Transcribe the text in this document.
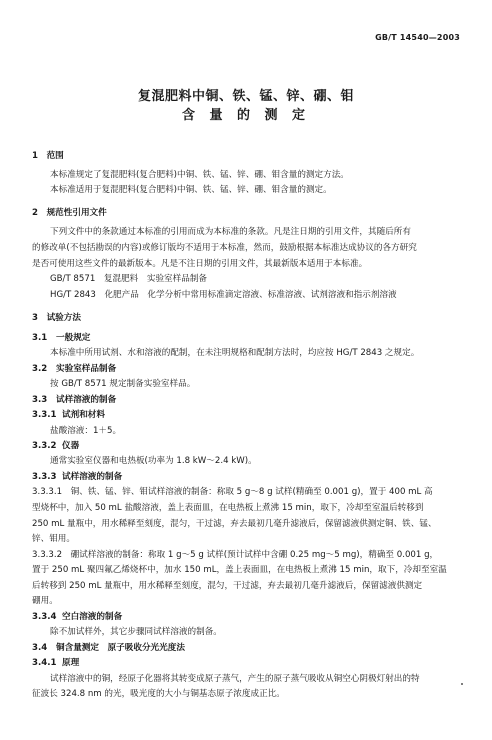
GB/T 14540—2003
复混肥料中铜、铁、锰、锌、硼、钼
含 量 的 测 定
1　范围
本标准规定了复混肥料(复合肥料)中铜、铁、锰、锌、硼、钼含量的测定方法。
本标准适用于复混肥料(复合肥料)中铜、铁、锰、锌、硼、钼含量的测定。
2　规范性引用文件
下列文件中的条款通过本标准的引用而成为本标准的条款。凡是注日期的引用文件，其随后所有
的修改单(不包括勘误的内容)或修订版均不适用于本标准，然而，鼓励根据本标准达成协议的各方研究
是否可使用这些文件的最新版本。凡是不注日期的引用文件，其最新版本适用于本标准。
GB/T 8571　复混肥料　实验室样品制备
HG/T 2843　化肥产品　化学分析中常用标准滴定溶液、标准溶液、试剂溶液和指示剂溶液
3　试验方法
3.1 一般规定
本标准中所用试剂、水和溶液的配制，在未注明规格和配制方法时，均应按 HG/T 2843 之规定。
3.2 实验室样品制备
按 GB/T 8571 规定制备实验室样品。
3.3 试样溶液的制备
3.3.1 试剂和材料
盐酸溶液：1＋5。
3.3.2 仪器
通常实验室仪器和电热板(功率为 1.8 kW～2.4 kW)。
3.3.3 试样溶液的制备
3.3.3.1　铜、铁、锰、锌、钼试样溶液的制备：称取 5 g～8 g 试样(精确至 0.001 g)，置于 400 mL 高
型烧杯中，加入 50 mL 盐酸溶液，盖上表面皿，在电热板上煮沸 15 min，取下，冷却至室温后转移到
250 mL 量瓶中，用水稀释至刻度，混匀，干过滤，弃去最初几毫升滤液后，保留滤液供测定铜、铁、锰、
锌、钼用。
3.3.3.2　硼试样溶液的制备：称取 1 g～5 g 试样(预计试样中含硼 0.25 mg～5 mg)，精确至 0.001 g，
置于 250 mL 聚四氟乙烯烧杯中，加水 150 mL，盖上表面皿，在电热板上煮沸 15 min，取下，冷却至室温
后转移到 250 mL 量瓶中，用水稀释至刻度，混匀，干过滤，弃去最初几毫升滤液后，保留滤液供测定
硼用。
3.3.4 空白溶液的制备
除不加试样外，其它步骤同试样溶液的制备。
3.4 铜含量测定　原子吸收分光光度法
3.4.1 原理
试样溶液中的铜，经原子化器将其转变成原子蒸气，产生的原子蒸气吸收从铜空心阴极灯射出的特
征波长 324.8 nm 的光，吸光度的大小与铜基态原子浓度成正比。
